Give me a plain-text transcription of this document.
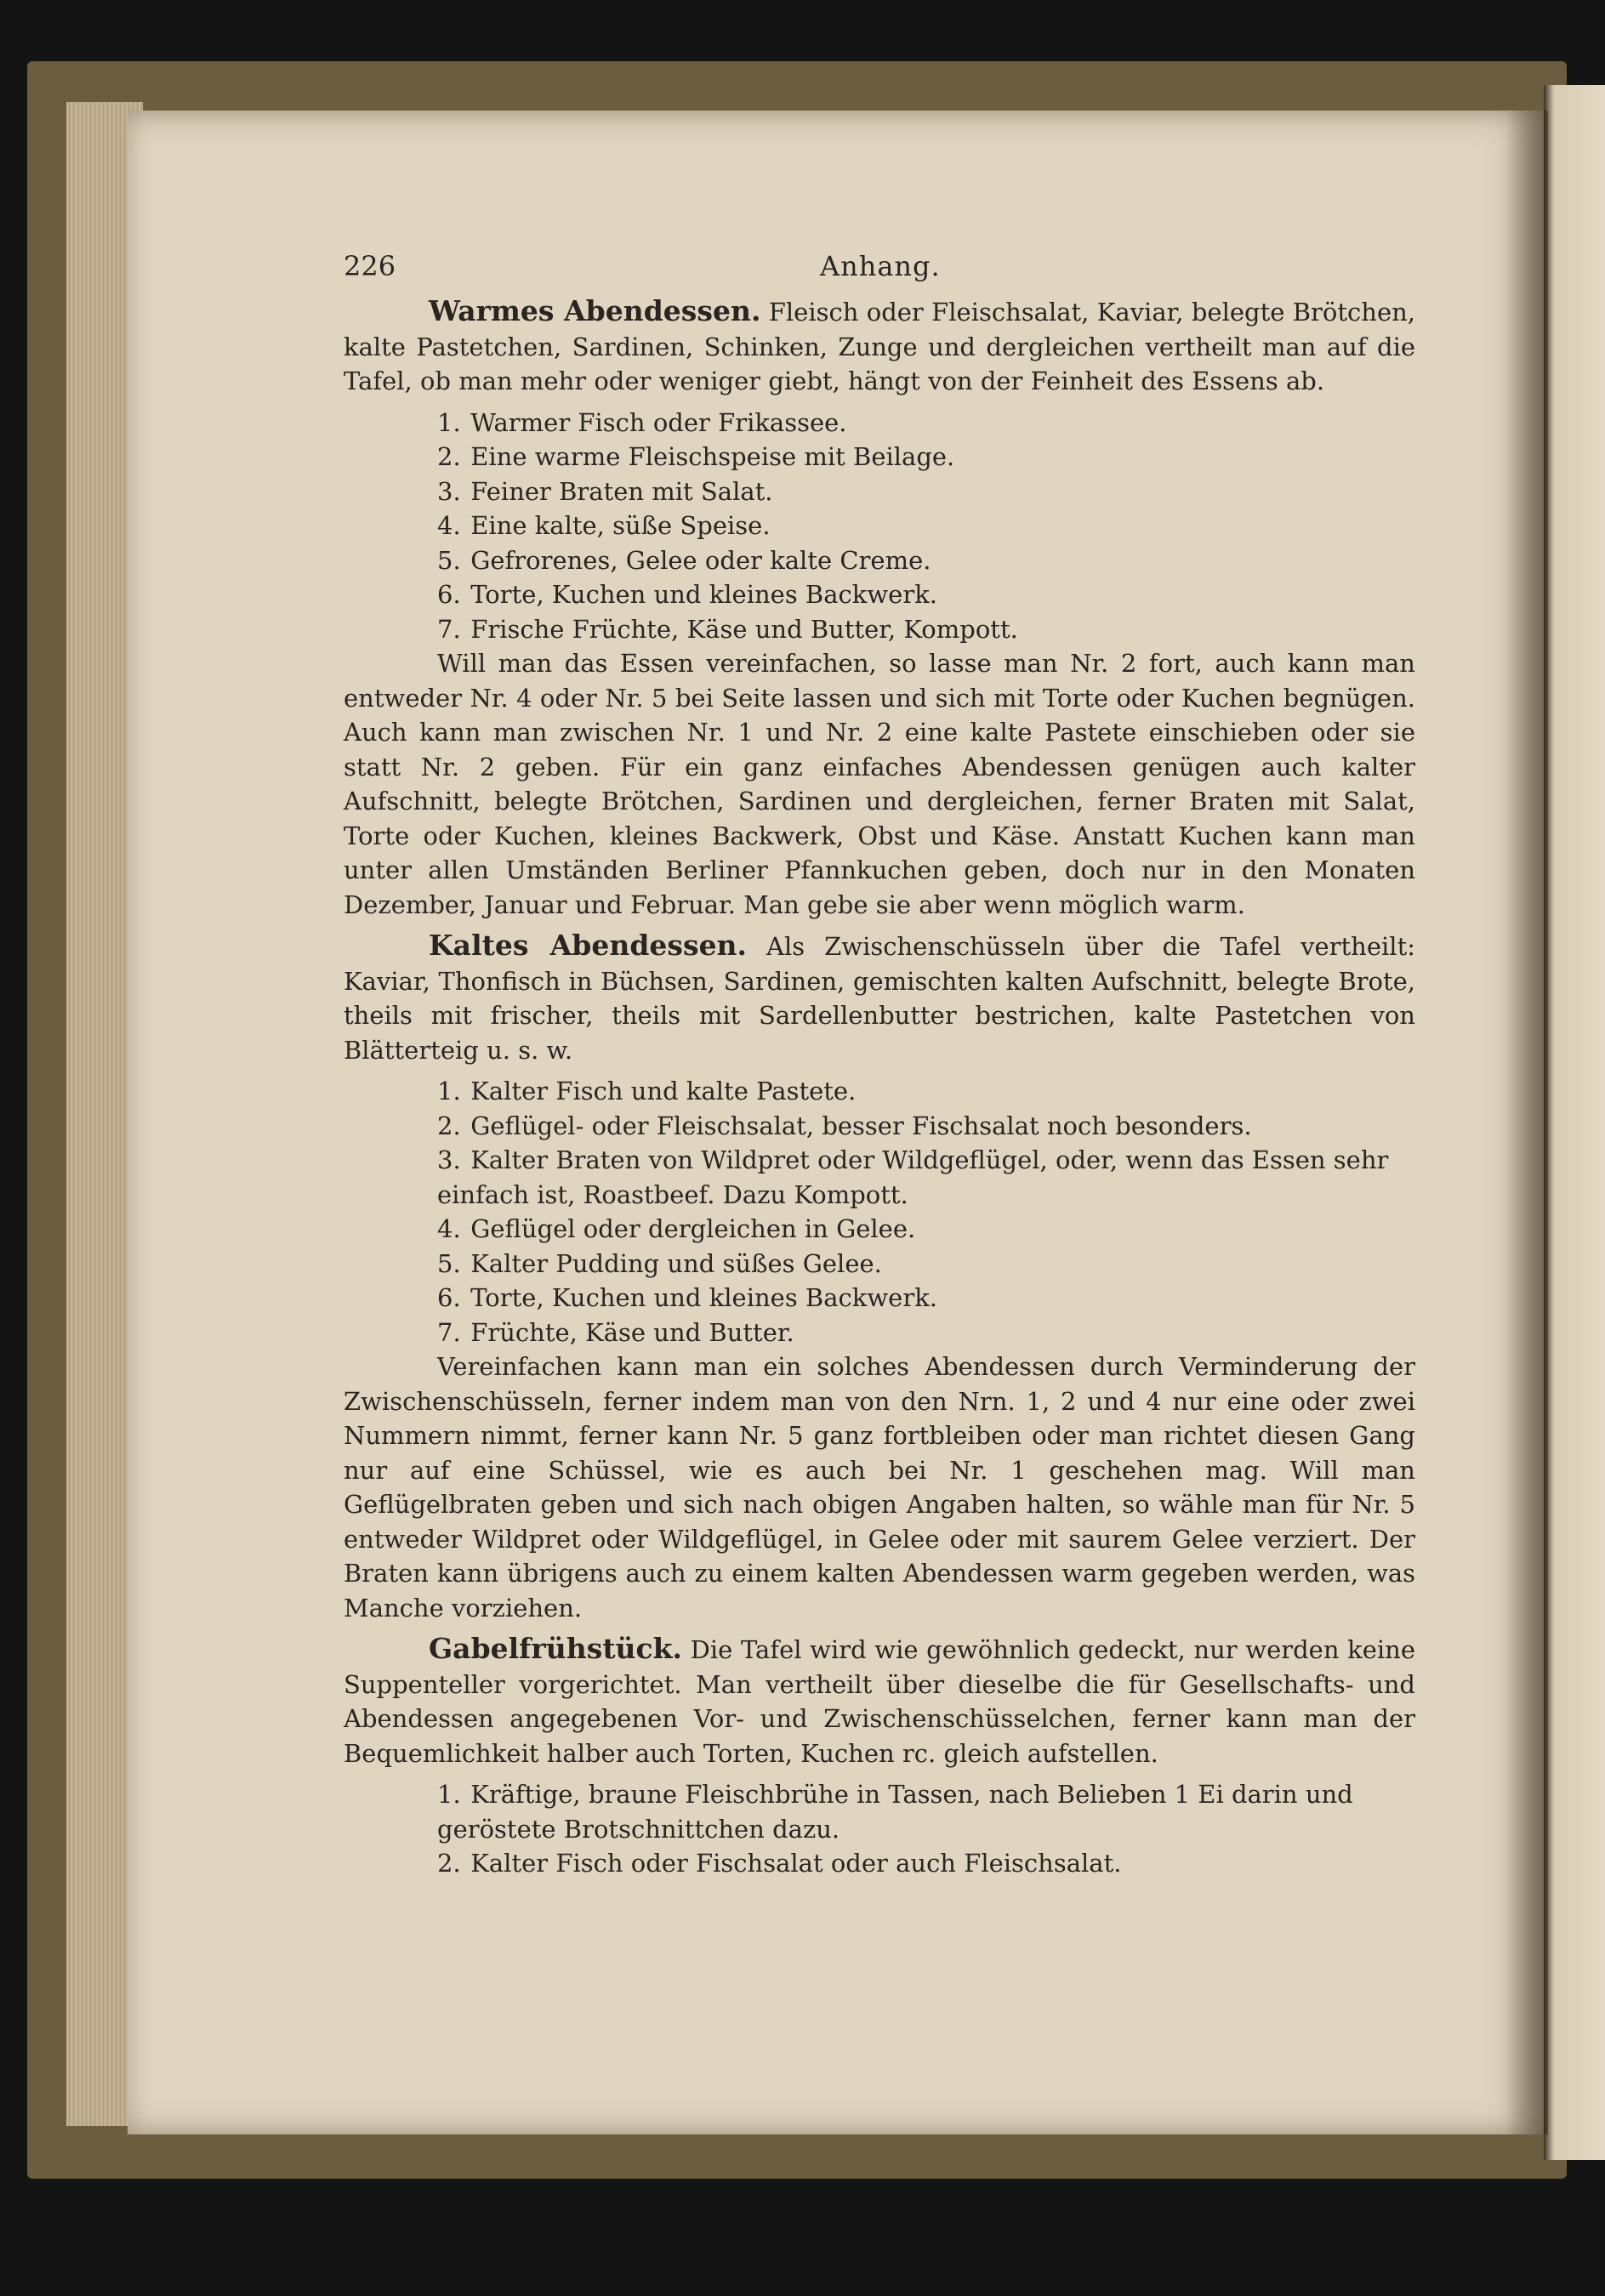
226	Anhang.

Warmes Abendessen. Fleisch oder Fleischsalat, Kaviar, belegte Brötchen, kalte Pastetchen, Sardinen, Schinken, Zunge und dergleichen vertheilt man auf die Tafel, ob man mehr oder weniger giebt, hängt von der Feinheit des Essens ab.

1. Warmer Fisch oder Frikassee.
2. Eine warme Fleischspeise mit Beilage.
3. Feiner Braten mit Salat.
4. Eine kalte, süße Speise.
5. Gefrorenes, Gelee oder kalte Creme.
6. Torte, Kuchen und kleines Backwerk.
7. Frische Früchte, Käse und Butter, Kompott.

Will man das Essen vereinfachen, so lasse man Nr. 2 fort, auch kann man entweder Nr. 4 oder Nr. 5 bei Seite lassen und sich mit Torte oder Kuchen begnügen. Auch kann man zwischen Nr. 1 und Nr. 2 eine kalte Pastete einschieben oder sie statt Nr. 2 geben. Für ein ganz einfaches Abendessen genügen auch kalter Aufschnitt, belegte Brötchen, Sardinen und dergleichen, ferner Braten mit Salat, Torte oder Kuchen, kleines Backwerk, Obst und Käse. Anstatt Kuchen kann man unter allen Umständen Berliner Pfannkuchen geben, doch nur in den Monaten Dezember, Januar und Februar. Man gebe sie aber wenn möglich warm.

Kaltes Abendessen. Als Zwischenschüsseln über die Tafel vertheilt: Kaviar, Thonfisch in Büchsen, Sardinen, gemischten kalten Aufschnitt, belegte Brote, theils mit frischer, theils mit Sardellenbutter bestrichen, kalte Pastetchen von Blätterteig u. s. w.

1. Kalter Fisch und kalte Pastete.
2. Geflügel- oder Fleischsalat, besser Fischsalat noch besonders.
3. Kalter Braten von Wildpret oder Wildgeflügel, oder, wenn das Essen sehr einfach ist, Roastbeef. Dazu Kompott.
4. Geflügel oder dergleichen in Gelee.
5. Kalter Pudding und süßes Gelee.
6. Torte, Kuchen und kleines Backwerk.
7. Früchte, Käse und Butter.

Vereinfachen kann man ein solches Abendessen durch Verminderung der Zwischenschüsseln, ferner indem man von den Nrn. 1, 2 und 4 nur eine oder zwei Nummern nimmt, ferner kann Nr. 5 ganz fortbleiben oder man richtet diesen Gang nur auf eine Schüssel, wie es auch bei Nr. 1 geschehen mag. Will man Geflügelbraten geben und sich nach obigen Angaben halten, so wähle man für Nr. 5 entweder Wildpret oder Wildgeflügel, in Gelee oder mit saurem Gelee verziert. Der Braten kann übrigens auch zu einem kalten Abendessen warm gegeben werden, was Manche vorziehen.

Gabelfrühstück. Die Tafel wird wie gewöhnlich gedeckt, nur werden keine Suppenteller vorgerichtet. Man vertheilt über dieselbe die für Gesellschafts- und Abendessen angegebenen Vor- und Zwischenschüsselchen, ferner kann man der Bequemlichkeit halber auch Torten, Kuchen rc. gleich aufstellen.

1. Kräftige, braune Fleischbrühe in Tassen, nach Belieben 1 Ei darin und geröstete Brotschnittchen dazu.
2. Kalter Fisch oder Fischsalat oder auch Fleischsalat.
